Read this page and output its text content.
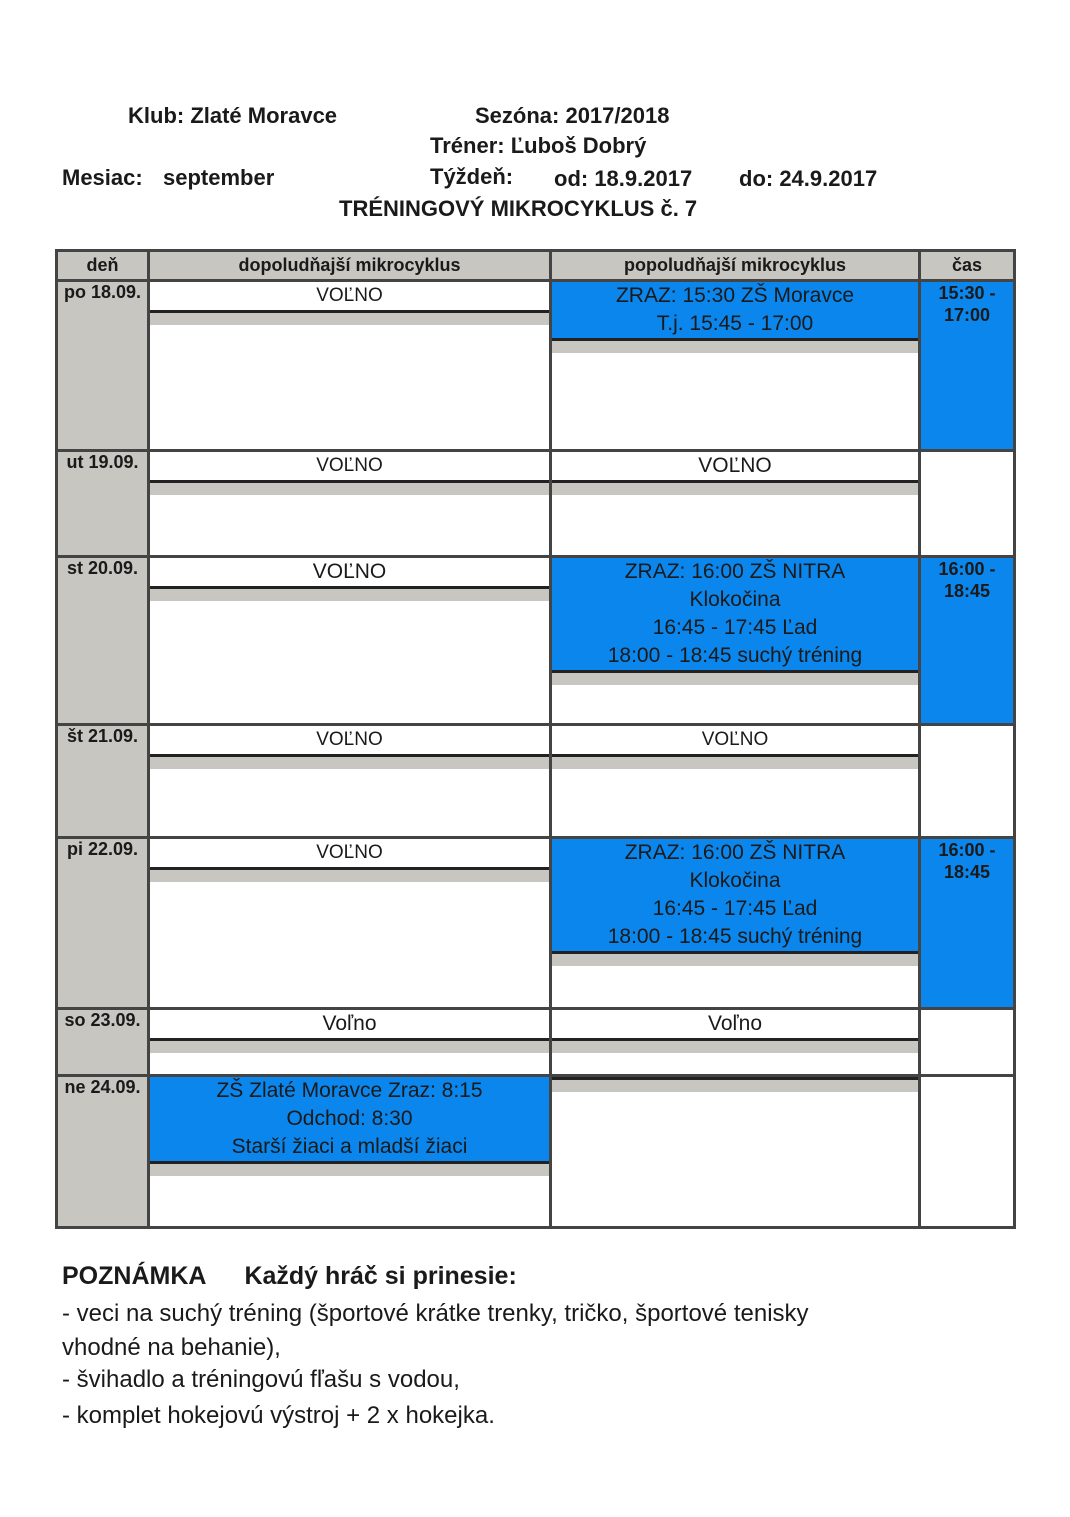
Klub: Zlaté Moravce	Sezóna: 2017/2018
Tréner: Ľuboš Dobrý
Mesiac: september	Týždeň: od: 18.9.2017 do: 24.9.2017
TRÉNINGOVÝ MIKROCYKLUS č. 7
deň	dopoludňajší mikrocyklus	popoludňajší mikrocyklus	čas
po 18.09.	VOĽNO	ZRAZ: 15:30 ZŠ Moravce
T.j. 15:45 - 17:00	15:30 -
17:00
ut 19.09.	VOĽNO	VOĽNO	

st 20.09.	VOĽNO	ZRAZ: 16:00 ZŠ NITRA
Klokočina
16:45 - 17:45 Ľad
18:00 - 18:45 suchý tréning	16:00 -
18:45
št 21.09.	VOĽNO	VOĽNO	

pi 22.09.	VOĽNO	ZRAZ: 16:00 ZŠ NITRA
Klokočina
16:45 - 17:45 Ľad
18:00 - 18:45 suchý tréning	16:00 -
18:45
so 23.09.	Voľno	Voľno	

ne 24.09.	ZŠ Zlaté Moravce Zraz: 8:15
Odchod: 8:30
Starší žiaci a mladší žiaci		

POZNÁMKA Každý hráč si prinesie:
- veci na suchý tréning (športové krátke trenky, tričko, športové tenisky
vhodné na behanie),
- švihadlo a tréningovú fľašu s vodou,
- komplet hokejovú výstroj + 2 x hokejka.
